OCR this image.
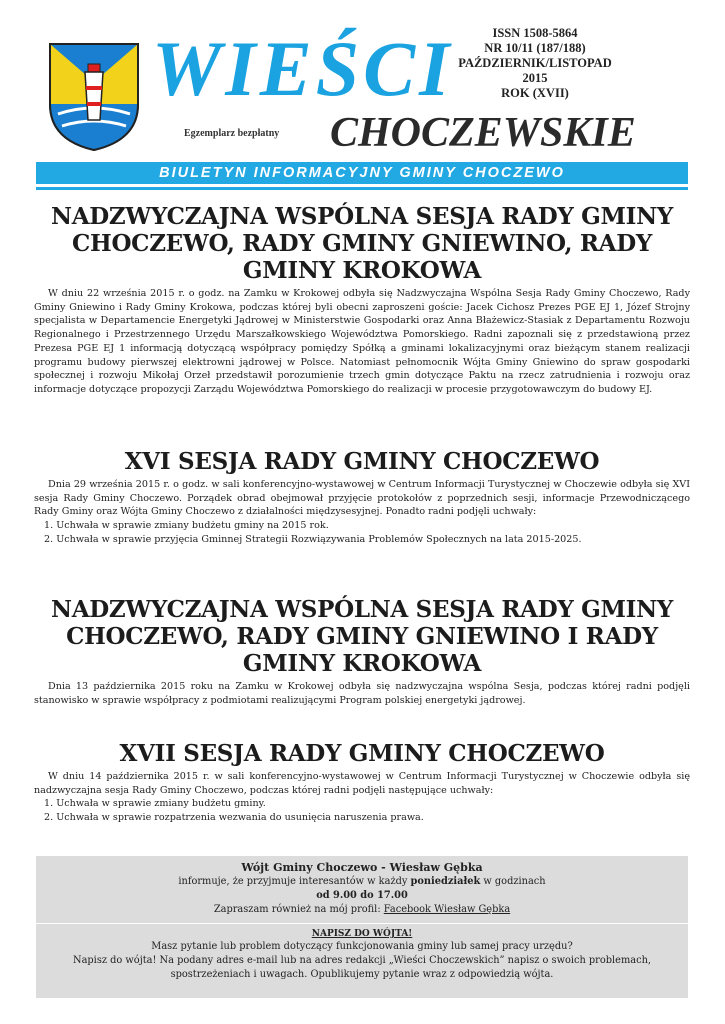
WIEŚCI
CHOCZEWSKIE
Egzemplarz bezpłatny
ISSN 1508-5864
NR 10/11 (187/188)
PAŹDZIERNIK/LISTOPAD
2015
ROK (XVII)
BIULETYN INFORMACYJNY GMINY CHOCZEWO
NADZWYCZAJNA WSPÓLNA SESJA RADY GMINY CHOCZEWO, RADY GMINY GNIEWINO, RADY GMINY KROKOWA

W dniu 22 września 2015 r. o godz. na Zamku w Krokowej odbyła się Nadzwyczajna Wspólna Sesja Rady Gminy Choczewo, Rady Gminy Gniewino i Rady Gminy Krokowa, podczas której byli obecni zaproszeni goście: Jacek Cichosz Prezes PGE EJ 1, Józef Strojny specjalista w Departamencie Energetyki Jądrowej w Ministerstwie Gospodarki oraz Anna Błażewicz-Stasiak z Departamentu Rozwoju Regionalnego i Przestrzennego Urzędu Marszałkowskiego Województwa Pomorskiego. Radni zapoznali się z przedstawioną przez Prezesa PGE EJ 1 informacją dotyczącą współpracy pomiędzy Spółką a gminami lokalizacyjnymi oraz bieżącym stanem realizacji programu budowy pierwszej elektrowni jądrowej w Polsce. Natomiast pełnomocnik Wójta Gminy Gniewino do spraw gospodarki społecznej i rozwoju Mikołaj Orzeł przedstawił porozumienie trzech gmin dotyczące Paktu na rzecz zatrudnienia i rozwoju oraz informacje dotyczące propozycji Zarządu Województwa Pomorskiego do realizacji w procesie przygotowawczym do budowy EJ.

XVI SESJA RADY GMINY CHOCZEWO

Dnia 29 września 2015 r. o godz. w sali konferencyjno-wystawowej w Centrum Informacji Turystycznej w Choczewie odbyła się XVI sesja Rady Gminy Choczewo. Porządek obrad obejmował przyjęcie protokołów z poprzednich sesji, informacje Przewodniczącego Rady Gminy oraz Wójta Gminy Choczewo z działalności międzysesyjnej. Ponadto radni podjęli uchwały:

1. Uchwała w sprawie zmiany budżetu gminy na 2015 rok.
2. Uchwała w sprawie przyjęcia Gminnej Strategii Rozwiązywania Problemów Społecznych na lata 2015-2025.
NADZWYCZAJNA WSPÓLNA SESJA RADY GMINY CHOCZEWO, RADY GMINY GNIEWINO I RADY GMINY KROKOWA

Dnia 13 października 2015 roku na Zamku w Krokowej odbyła się nadzwyczajna wspólna Sesja, podczas której radni podjęli stanowisko w sprawie współpracy z podmiotami realizującymi Program polskiej energetyki jądrowej.

XVII SESJA RADY GMINY CHOCZEWO

W dniu 14 października 2015 r. w sali konferencyjno-wystawowej w Centrum Informacji Turystycznej w Choczewie odbyła się nadzwyczajna sesja Rady Gminy Choczewo, podczas której radni podjęli następujące uchwały:

1. Uchwała w sprawie zmiany budżetu gminy.
2. Uchwała w sprawie rozpatrzenia wezwania do usunięcia naruszenia prawa.
Wójt Gminy Choczewo - Wiesław Gębka
informuje, że przyjmuje interesantów w każdy poniedziałek w godzinach
od 9.00 do 17.00
Zapraszam również na mój profil: Facebook Wiesław Gębka
NAPISZ DO WÓJTA!
Masz pytanie lub problem dotyczący funkcjonowania gminy lub samej pracy urzędu?
Napisz do wójta! Na podany adres e-mail lub na adres redakcji „Wieści Choczewskich” napisz o swoich problemach, spostrzeżeniach i uwagach. Opublikujemy pytanie wraz z odpowiedzią wójta.
